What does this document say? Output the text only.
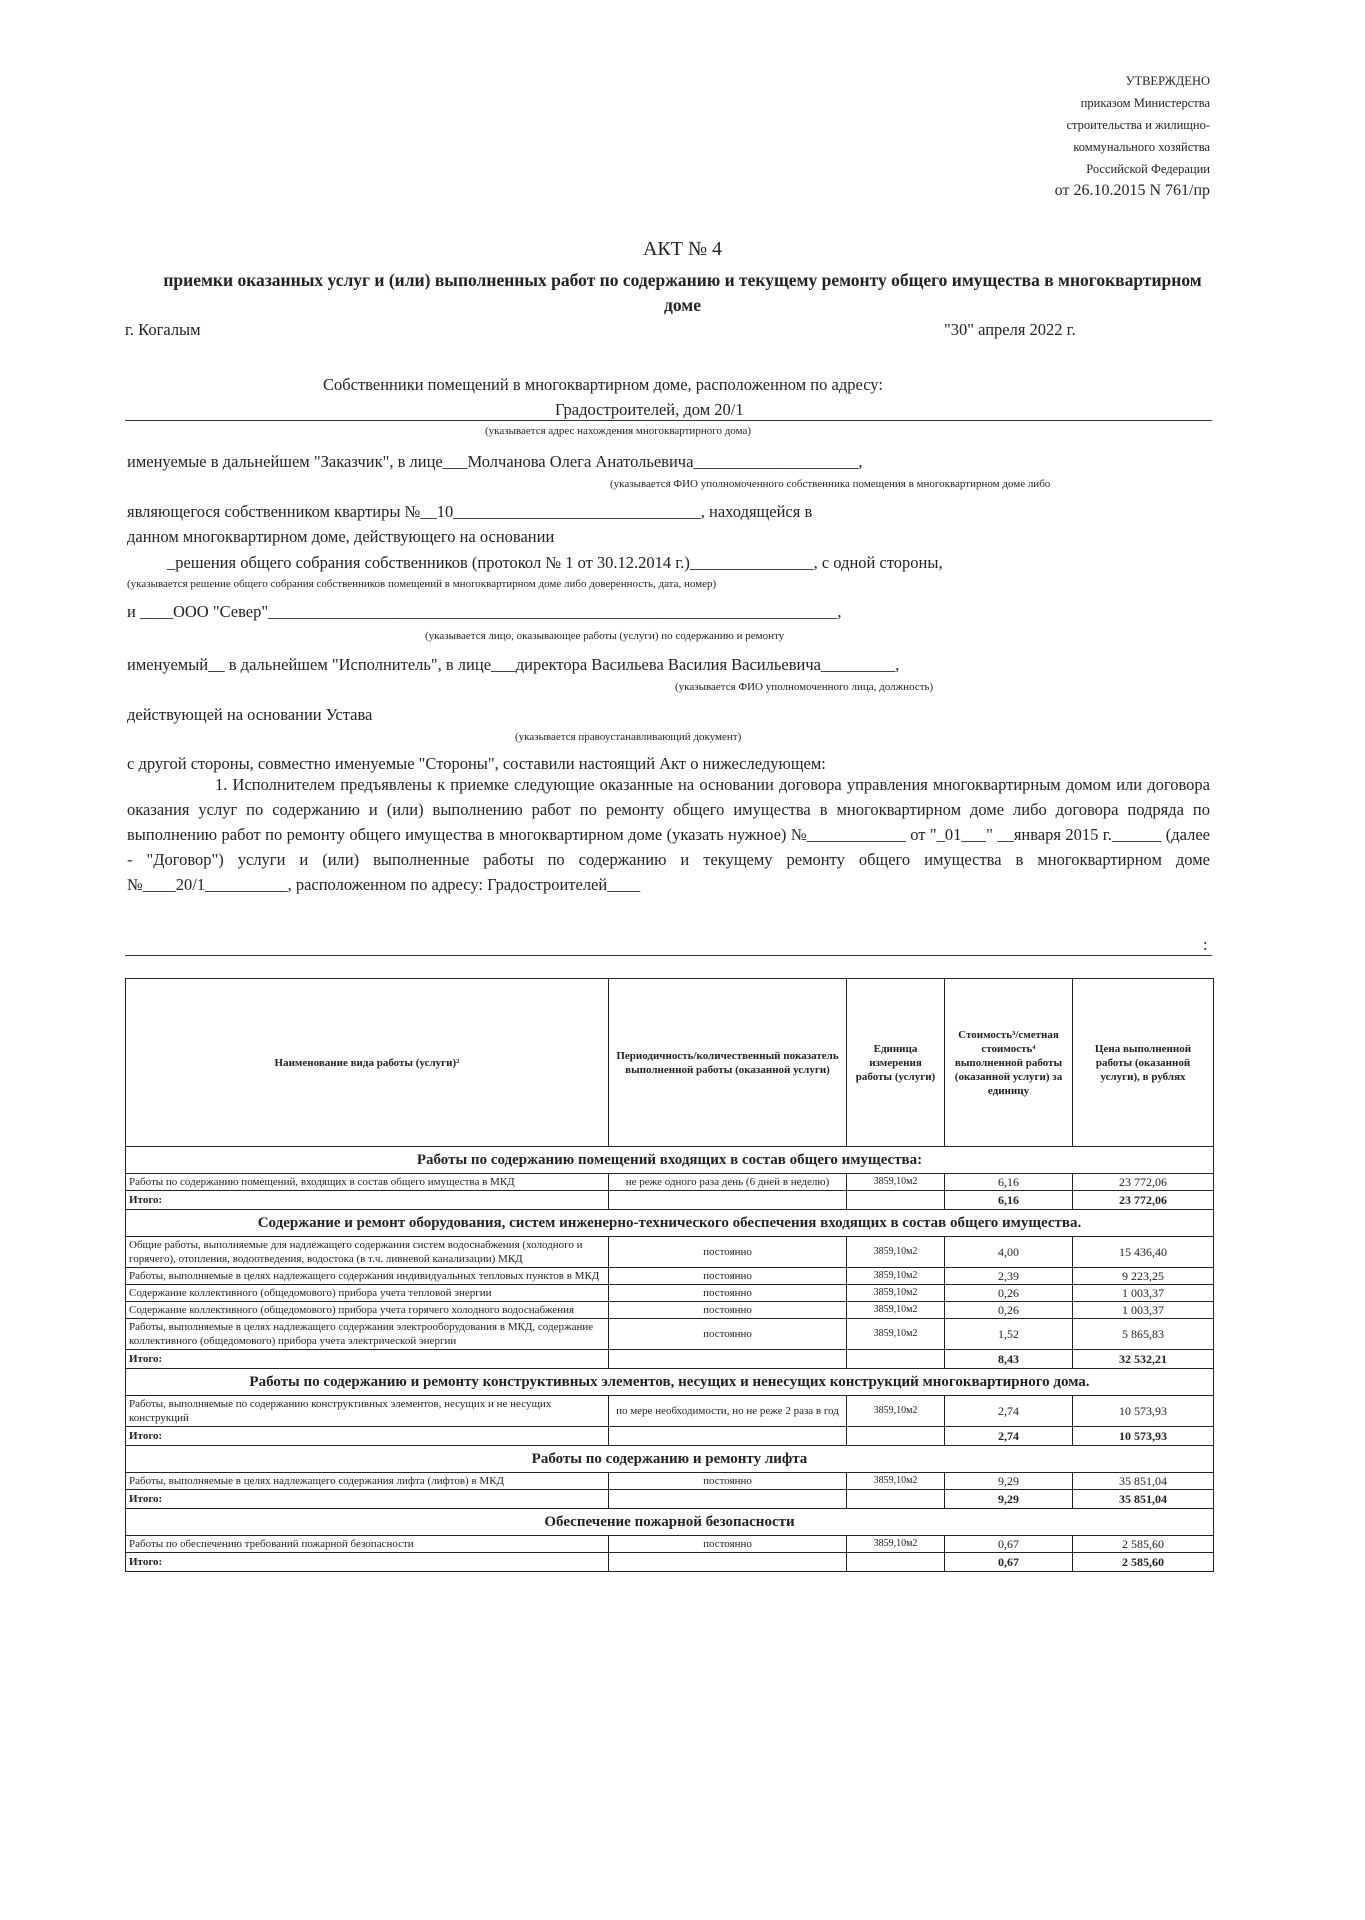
УТВЕРЖДЕНО
приказом Министерства
строительства и жилищно-
коммунального хозяйства
Российской Федерации
от 26.10.2015 N 761/пр
АКТ № 4
приемки оказанных услуг и (или) выполненных работ по содержанию и текущему ремонту общего имущества в многоквартирном доме
г. Когалым	"30" апреля 2022 г.
Собственники помещений в многоквартирном доме, расположенном по адресу:
Градостроителей, дом 20/1
(указывается адрес нахождения многоквартирного дома)
именуемые в дальнейшем "Заказчик", в лице___Молчанова Олега Анатольевича____________________,
(указывается ФИО уполномоченного собственника помещения в многоквартирном доме либо
являющегося собственником квартиры №__10______________________________, находящейся в
данном многоквартирном доме, действующего на основании
_решения общего собрания собственников (протокол № 1 от 30.12.2014 г.)_______________, с одной стороны,
(указывается решение общего собрания собственников помещений в многоквартирном доме либо доверенность, дата, номер)
и ____ООО "Север"_____________________________________________________________________,
(указывается лицо, оказывающее работы (услуги) по содержанию и ремонту
именуемый__ в дальнейшем "Исполнитель", в лице___директора Васильева Василия Васильевича_________,
(указывается ФИО уполномоченного лица, должность)
действующей на основании Устава
(указывается правоустанавливающий документ)
с другой стороны, совместно именуемые "Стороны", составили настоящий Акт о нижеследующем:

1. Исполнителем предъявлены к приемке следующие оказанные на основании договора управления многоквартирным домом или договора оказания услуг по содержанию и (или) выполнению работ по ремонту общего имущества в многоквартирном доме либо договора подряда по выполнению работ по ремонту общего имущества в многоквартирном доме (указать нужное) №____________ от "_01___" __января 2015 г.______ (далее - "Договор") услуги и (или) выполненные работы по содержанию и текущему ремонту общего имущества в многоквартирном доме №____20/1__________, расположенном по адресу: Градостроителей____

:
Наименование вида работы (услуги)²	Периодичность/количественный показатель выполненной работы (оказанной услуги)	Единица измерения работы (услуги)	Стоимость³/сметная стоимость⁴ выполненной работы (оказанной услуги) за единицу	Цена выполненной работы (оказанной услуги), в рублях
Работы по содержанию помещений входящих в состав общего имущества:				
Работы по содержанию помещений, входящих в состав общего имущества в МКД	не реже одного раза день (6 дней в неделю)	3859,10м2	6,16	23 772,06
Итого:			6,16	23 772,06
Содержание и ремонт оборудования, систем инженерно-технического обеспечения входящих в состав общего имущества.				
Общие работы, выполняемые для надлежащего содержания систем водоснабжения (холодного и горячего), отопления, водоотведения, водостока (в т.ч. ливневой канализации) МКД	постоянно	3859,10м2	4,00	15 436,40
Работы, выполняемые в целях надлежащего содержания индивидуальных тепловых пунктов в МКД	постоянно	3859,10м2	2,39	9 223,25
Содержание коллективного (общедомового) прибора учета тепловой энергии	постоянно	3859,10м2	0,26	1 003,37
Содержание коллективного (общедомового) прибора учета горячего холодного водоснабжения	постоянно	3859,10м2	0,26	1 003,37
Работы, выполняемые в целях надлежащего содержания электрооборудования в МКД, содержание коллективного (общедомового) прибора учета электрической энергии	постоянно	3859,10м2	1,52	5 865,83
Итого:			8,43	32 532,21
Работы по содержанию и ремонту конструктивных элементов, несущих и ненесущих конструкций многоквартирного дома.				
Работы, выполняемые по содержанию конструктивных элементов, несущих и не несущих конструкций	по мере необходимости, но не реже 2 раза в год	3859,10м2	2,74	10 573,93
Итого:			2,74	10 573,93
Работы по содержанию и ремонту лифта				
Работы, выполняемые в целях надлежащего содержания лифта (лифтов) в МКД	постоянно	3859,10м2	9,29	35 851,04
Итого:			9,29	35 851,04
Обеспечение пожарной безопасности				
Работы по обеспечению требований пожарной безопасности	постоянно	3859,10м2	0,67	2 585,60
Итого:			0,67	2 585,60
